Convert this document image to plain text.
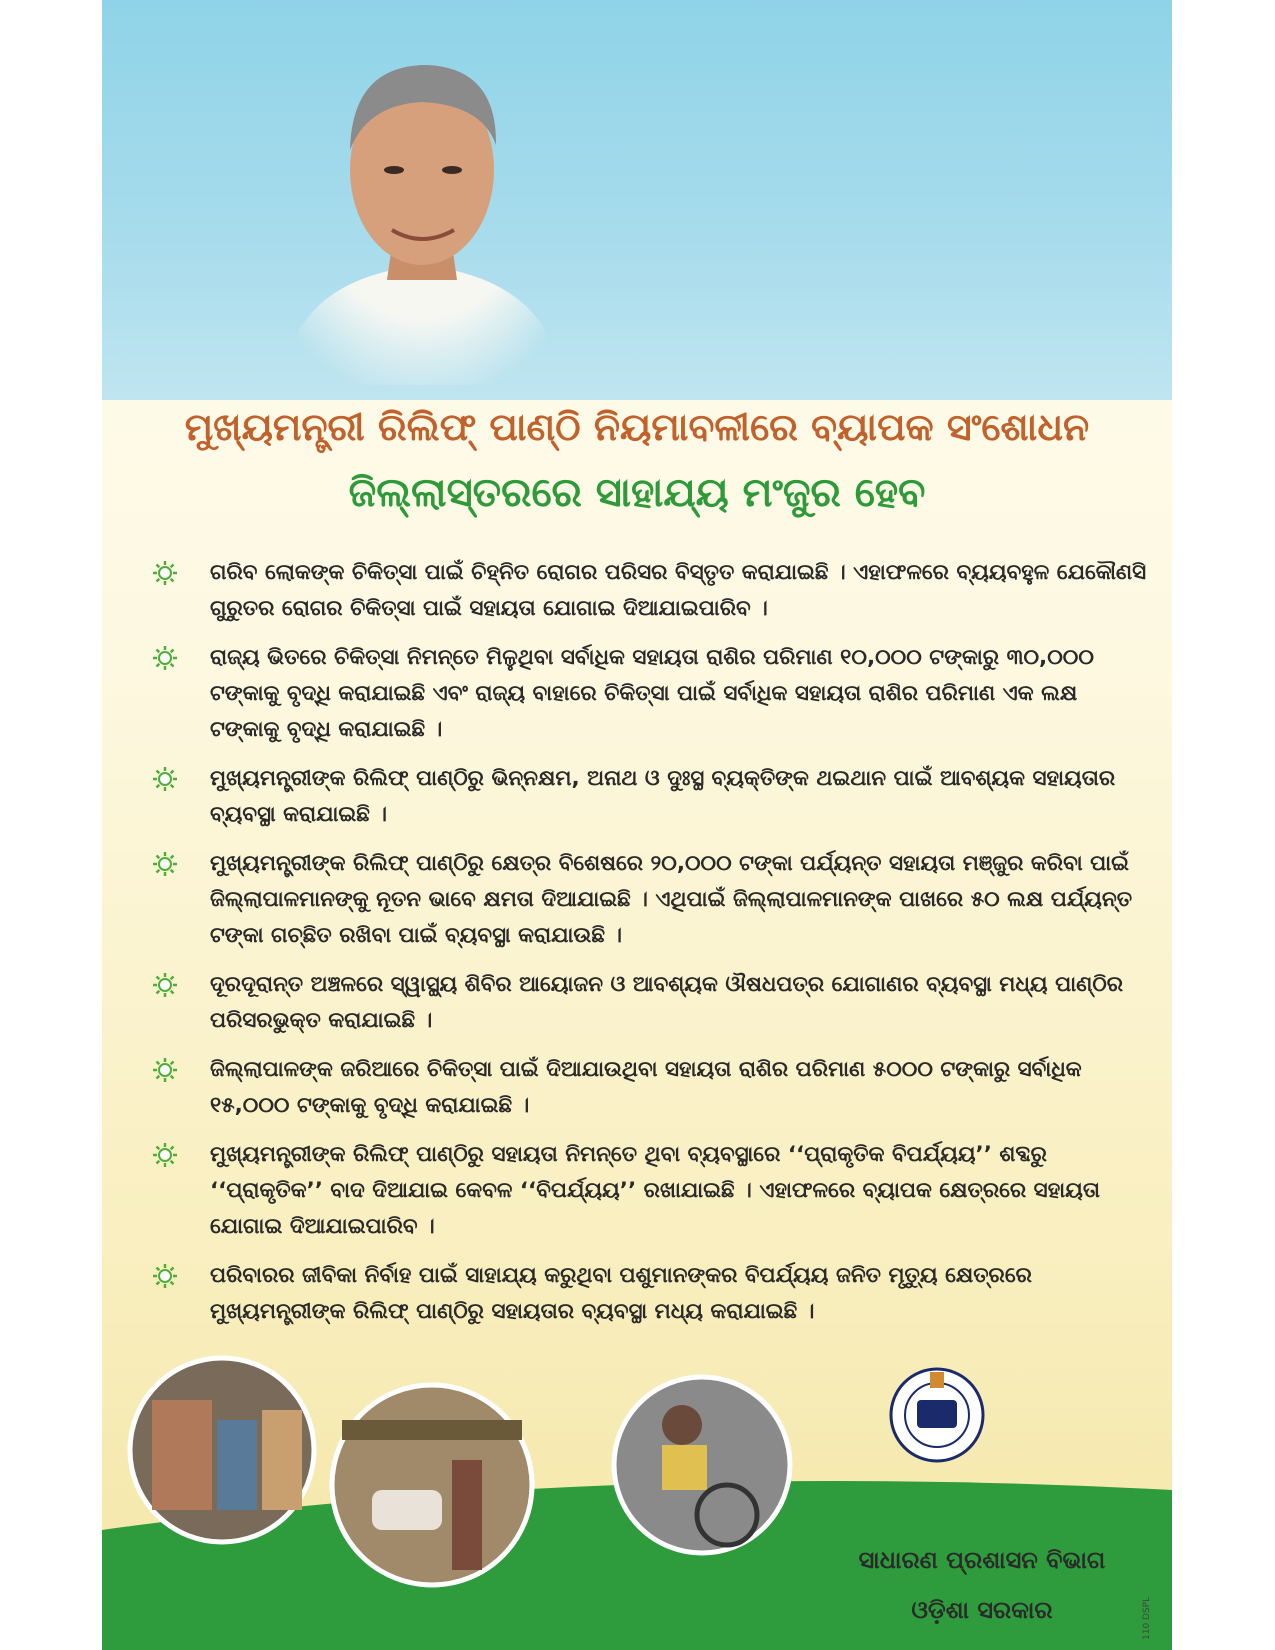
ମୁଖ୍ୟମନ୍ତ୍ରୀ ରିଲିଫ୍ ପାଣ୍ଠି ନିୟମାବଳୀରେ ବ୍ୟାପକ ସଂଶୋଧନ
ଜିଲ୍ଲାସ୍ତରରେ ସାହାଯ୍ୟ ମଂଜୁର ହେବ
ଗରିବ ଲୋକଙ୍କ ଚିକିତ୍ସା ପାଇଁ ଚିହ୍ନିତ ରୋଗର ପରିସର ବିସ୍ତୃତ କରାଯାଇଛି । ଏହାଫଳରେ ବ୍ୟୟବହୁଳ ଯେକୌଣସି ଗୁରୁତର ରୋଗର ଚିକିତ୍ସା ପାଇଁ ସହାୟତା ଯୋଗାଇ ଦିଆଯାଇପାରିବ ।
ରାଜ୍ୟ ଭିତରେ ଚିକିତ୍ସା ନିମନ୍ତେ ମିଳୁଥିବା ସର୍ବାଧିକ ସହାୟତା ରାଶିର ପରିମାଣ ୧୦,୦୦୦ ଟଙ୍କାରୁ ୩୦,୦୦୦ ଟଙ୍କାକୁ ବୃଦ୍ଧି କରାଯାଇଛି ଏବଂ ରାଜ୍ୟ ବାହାରେ ଚିକିତ୍ସା ପାଇଁ ସର୍ବାଧିକ ସହାୟତା ରାଶିର ପରିମାଣ ଏକ ଲକ୍ଷ ଟଙ୍କାକୁ ବୃଦ୍ଧି କରାଯାଇଛି ।
ମୁଖ୍ୟମନ୍ତ୍ରୀଙ୍କ ରିଲିଫ୍ ପାଣ୍ଠିରୁ ଭିନ୍ନକ୍ଷମ, ଅନାଥ ଓ ଦୁଃସ୍ଥ ବ୍ୟକ୍ତିଙ୍କ ଥଇଥାନ ପାଇଁ ଆବଶ୍ୟକ ସହାୟତାର ବ୍ୟବସ୍ଥା କରାଯାଇଛି ।
ମୁଖ୍ୟମନ୍ତ୍ରୀଙ୍କ ରିଲିଫ୍ ପାଣ୍ଠିରୁ କ୍ଷେତ୍ର ବିଶେଷରେ ୨୦,୦୦୦ ଟଙ୍କା ପର୍ଯ୍ୟନ୍ତ ସହାୟତା ମଞ୍ଜୁର କରିବା ପାଇଁ ଜିଲ୍ଲାପାଳମାନଙ୍କୁ ନୂତନ ଭାବେ କ୍ଷମତା ଦିଆଯାଇଛି । ଏଥିପାଇଁ ଜିଲ୍ଲାପାଳମାନଙ୍କ ପାଖରେ ୫୦ ଲକ୍ଷ ପର୍ଯ୍ୟନ୍ତ ଟଙ୍କା ଗଚ୍ଛିତ ରଖିବା ପାଇଁ ବ୍ୟବସ୍ଥା କରାଯାଉଛି ।
ଦୂରଦୂରାନ୍ତ ଅଞ୍ଚଳରେ ସ୍ୱାସ୍ଥ୍ୟ ଶିବିର ଆୟୋଜନ ଓ ଆବଶ୍ୟକ ଔଷଧପତ୍ର ଯୋଗାଣର ବ୍ୟବସ୍ଥା ମଧ୍ୟ ପାଣ୍ଠିର ପରିସରଭୁକ୍ତ କରାଯାଇଛି ।
ଜିଲ୍ଲାପାଳଙ୍କ ଜରିଆରେ ଚିକିତ୍ସା ପାଇଁ ଦିଆଯାଉଥିବା ସହାୟତା ରାଶିର ପରିମାଣ ୫୦୦୦ ଟଙ୍କାରୁ ସର୍ବାଧିକ ୧୫,୦୦୦ ଟଙ୍କାକୁ ବୃଦ୍ଧି କରାଯାଇଛି ।
ମୁଖ୍ୟମନ୍ତ୍ରୀଙ୍କ ରିଲିଫ୍ ପାଣ୍ଠିରୁ ସହାୟତା ନିମନ୍ତେ ଥିବା ବ୍ୟବସ୍ଥାରେ ‘‘ପ୍ରାକୃତିକ ବିପର୍ଯ୍ୟୟ’’ ଶବ୍ଦରୁ ‘‘ପ୍ରାକୃତିକ’’ ବାଦ ଦିଆଯାଇ କେବଳ ‘‘ବିପର୍ଯ୍ୟୟ’’ ରଖାଯାଇଛି । ଏହାଫଳରେ ବ୍ୟାପକ କ୍ଷେତ୍ରରେ ସହାୟତା ଯୋଗାଇ ଦିଆଯାଇପାରିବ ।
ପରିବାରର ଜୀବିକା ନିର୍ବାହ ପାଇଁ ସାହାଯ୍ୟ କରୁଥିବା ପଶୁମାନଙ୍କର ବିପର୍ଯ୍ୟୟ ଜନିତ ମୃତ୍ୟୁ କ୍ଷେତ୍ରରେ ମୁଖ୍ୟମନ୍ତ୍ରୀଙ୍କ ରିଲିଫ୍ ପାଣ୍ଠିରୁ ସହାୟତାର ବ୍ୟବସ୍ଥା ମଧ୍ୟ କରାଯାଇଛି ।
ସାଧାରଣ ପ୍ରଶାସନ ବିଭାଗ
ଓଡ଼ିଶା ସରକାର	110 DSPL
